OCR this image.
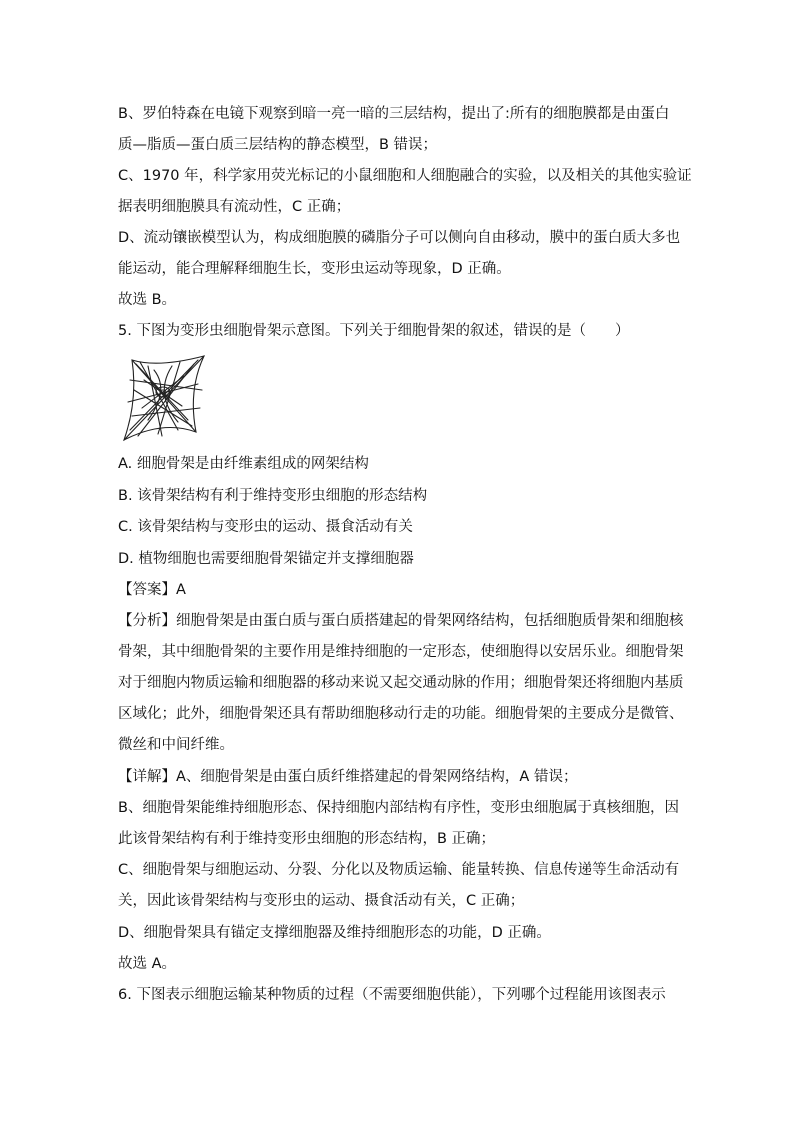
B、罗伯特森在电镜下观察到暗一亮一暗的三层结构，提出了:所有的细胞膜都是由蛋白
质—脂质—蛋白质三层结构的静态模型，B 错误；
C、1970 年，科学家用荧光标记的小鼠细胞和人细胞融合的实验，以及相关的其他实验证
据表明细胞膜具有流动性，C 正确；
D、流动镶嵌模型认为，构成细胞膜的磷脂分子可以侧向自由移动，膜中的蛋白质大多也
能运动，能合理解释细胞生长，变形虫运动等现象，D 正确。
故选 B。
5. 下图为变形虫细胞骨架示意图。下列关于细胞骨架的叙述，错误的是（　　）
A. 细胞骨架是由纤维素组成的网架结构
B. 该骨架结构有利于维持变形虫细胞的形态结构
C. 该骨架结构与变形虫的运动、摄食活动有关
D. 植物细胞也需要细胞骨架锚定并支撑细胞器
【答案】A
【分析】细胞骨架是由蛋白质与蛋白质搭建起的骨架网络结构，包括细胞质骨架和细胞核
骨架，其中细胞骨架的主要作用是维持细胞的一定形态，使细胞得以安居乐业。细胞骨架
对于细胞内物质运输和细胞器的移动来说又起交通动脉的作用；细胞骨架还将细胞内基质
区域化；此外，细胞骨架还具有帮助细胞移动行走的功能。细胞骨架的主要成分是微管、
微丝和中间纤维。
【详解】A、细胞骨架是由蛋白质纤维搭建起的骨架网络结构，A 错误；
B、细胞骨架能维持细胞形态、保持细胞内部结构有序性，变形虫细胞属于真核细胞，因
此该骨架结构有利于维持变形虫细胞的形态结构，B 正确；
C、细胞骨架与细胞运动、分裂、分化以及物质运输、能量转换、信息传递等生命活动有
关，因此该骨架结构与变形虫的运动、摄食活动有关，C 正确；
D、细胞骨架具有锚定支撑细胞器及维持细胞形态的功能，D 正确。
故选 A。
6. 下图表示细胞运输某种物质的过程（不需要细胞供能），下列哪个过程能用该图表示
